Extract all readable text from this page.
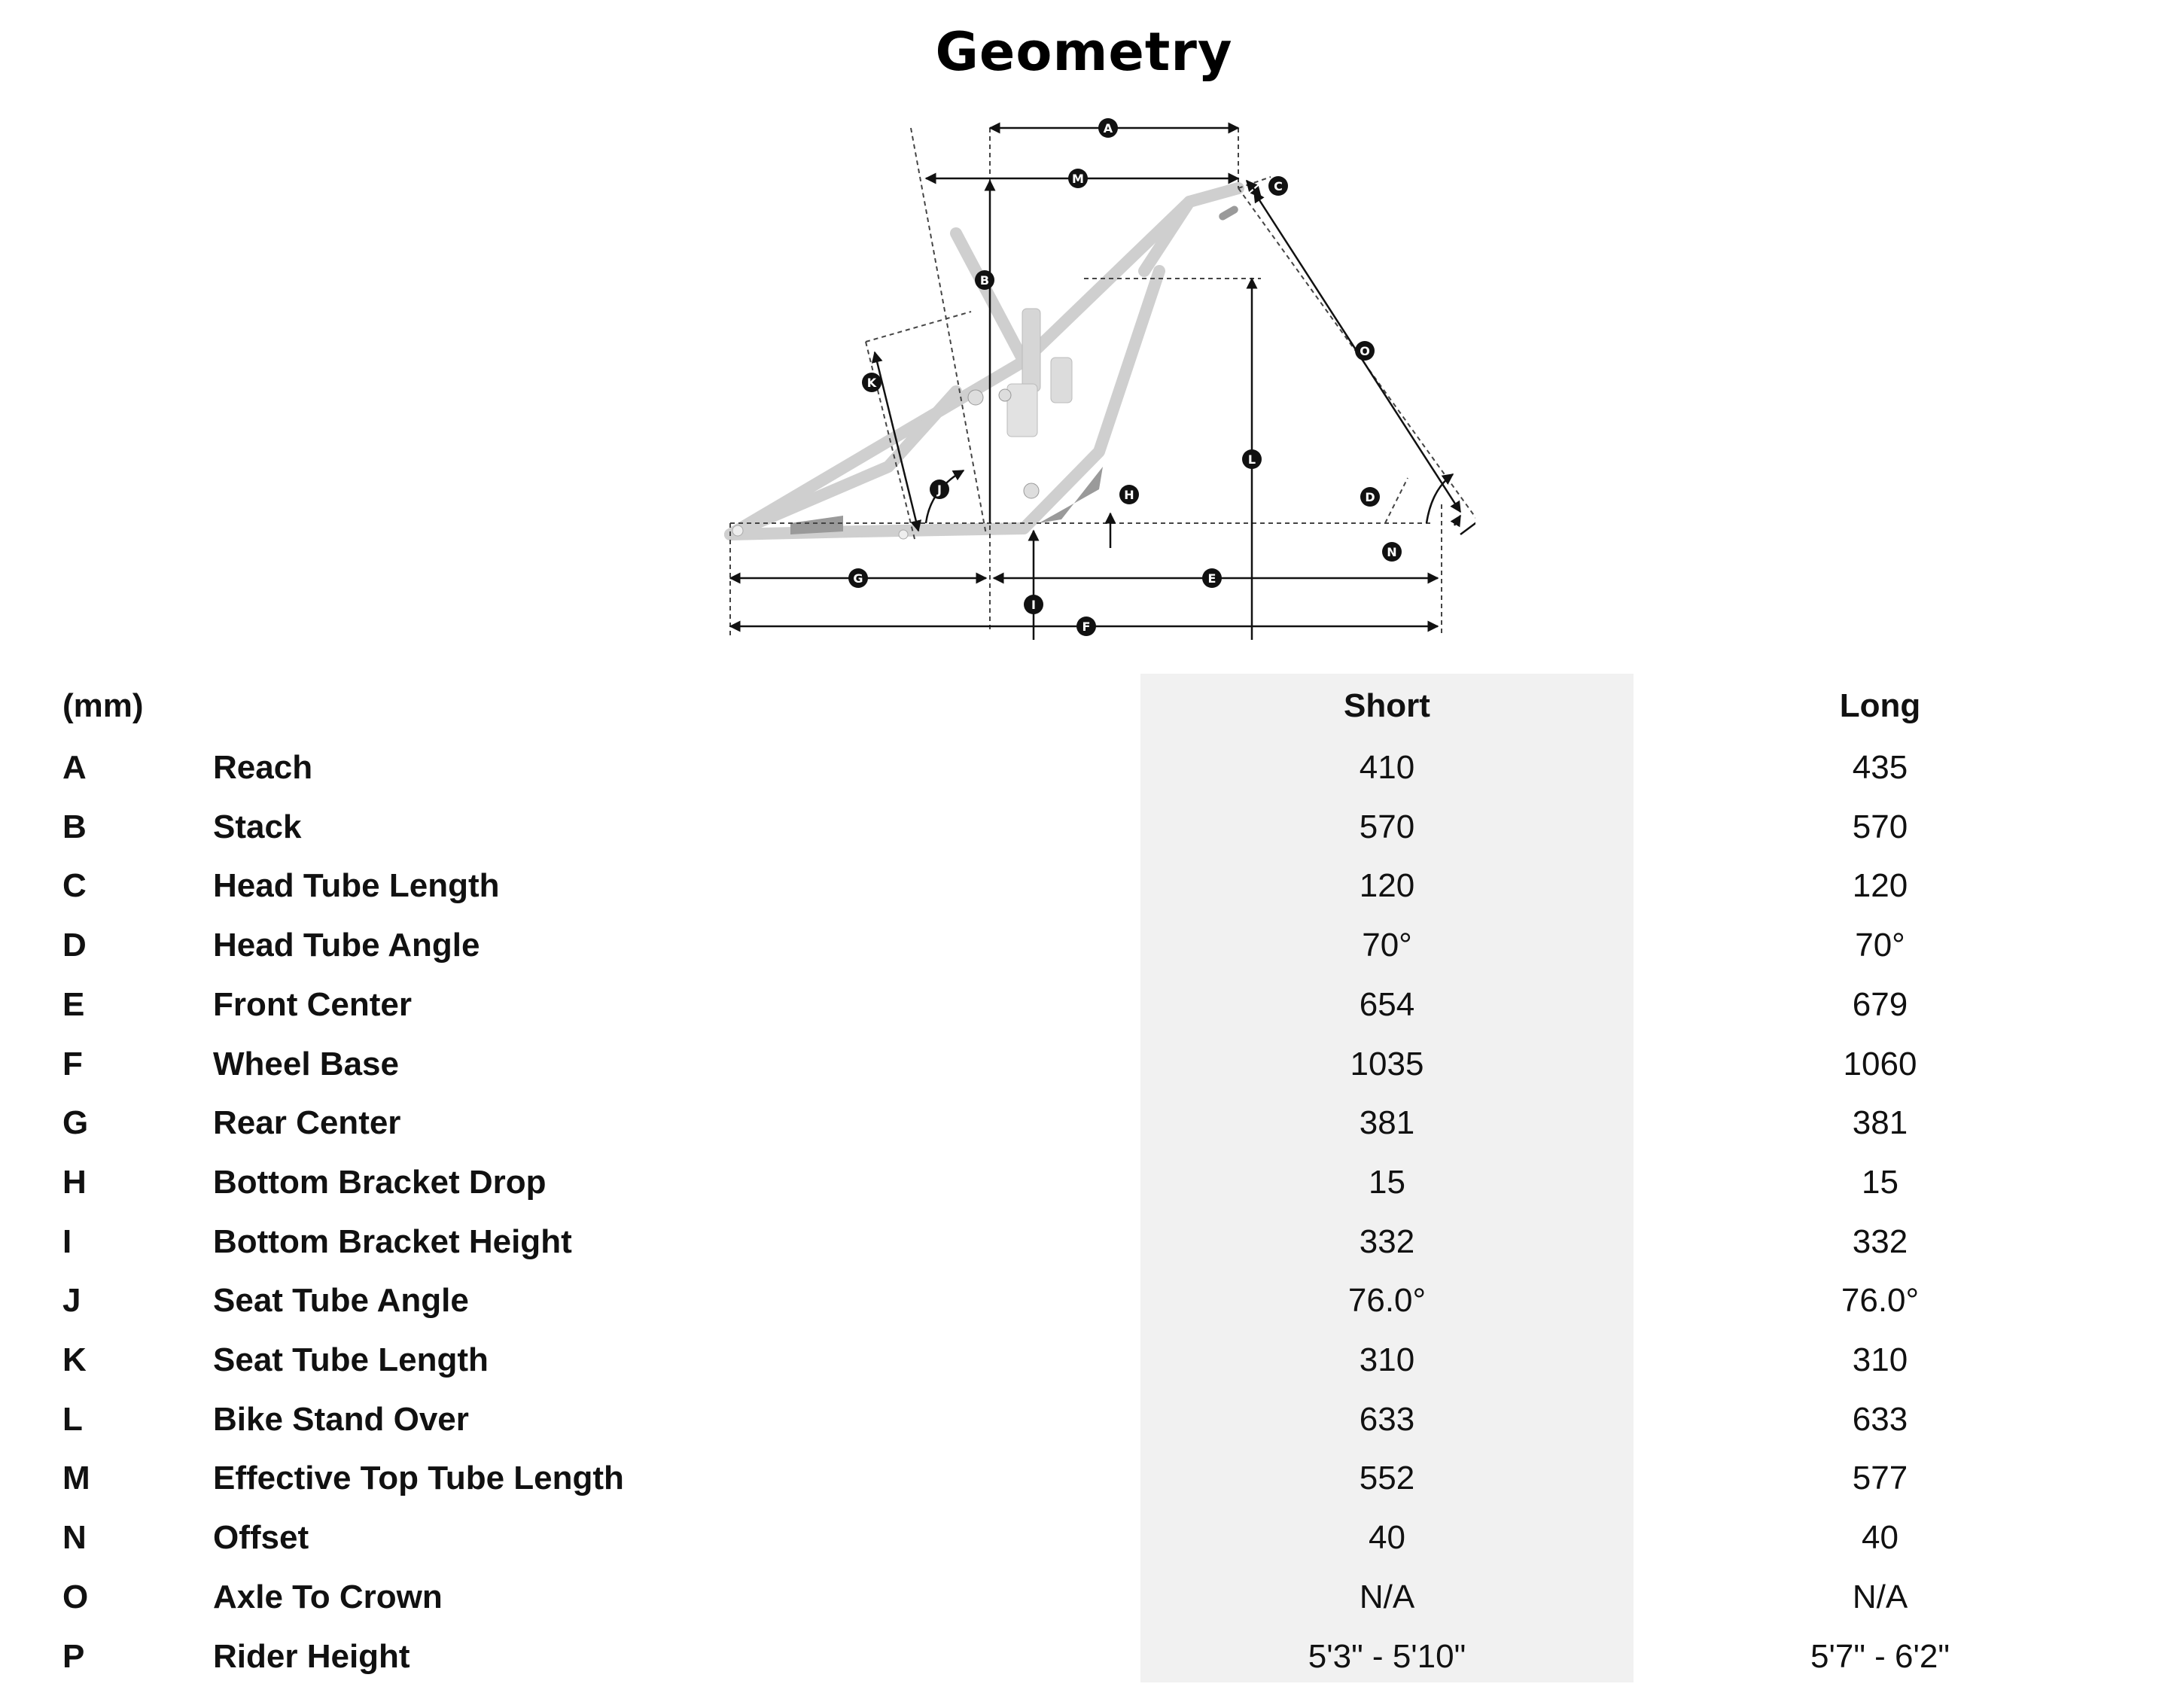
Geometry
A
M
C
B
O
K
L
J	H	D
N
G	E
I
F
(mm)	Short	Long
A	Reach	410	435
B	Stack	570	570
C	Head Tube Length	120	120
D	Head Tube Angle	70°	70°
E	Front Center	654	679
F	Wheel Base	1035	1060
G	Rear Center	381	381
H	Bottom Bracket Drop	15	15
I	Bottom Bracket Height	332	332
J	Seat Tube Angle	76.0°	76.0°
K	Seat Tube Length	310	310
L	Bike Stand Over	633	633
M	Effective Top Tube Length	552	577
N	Offset	40	40
O	Axle To Crown	N/A	N/A
P	Rider Height	5'3" - 5'10"	5'7" - 6'2"
